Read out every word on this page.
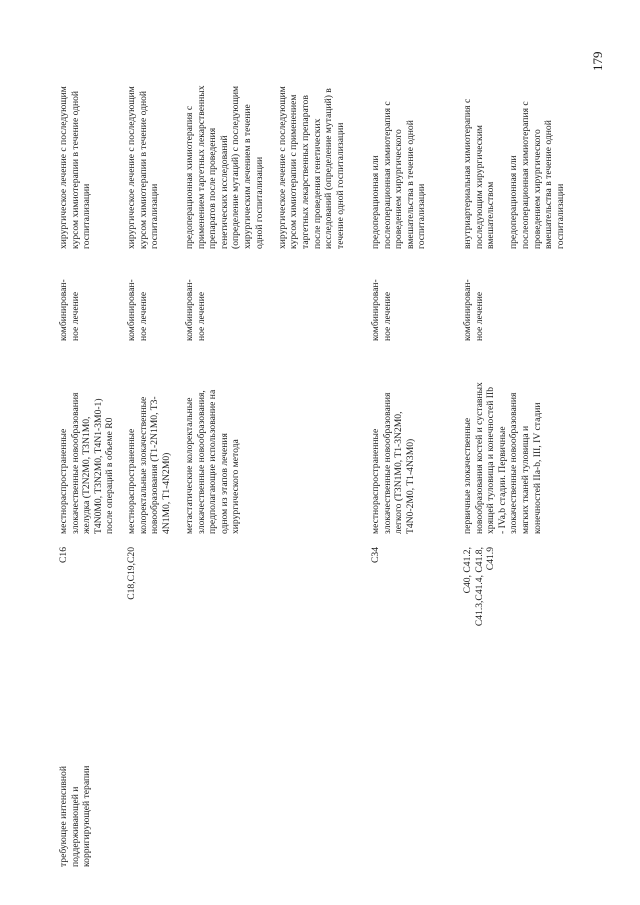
179
требующее интенсивной
поддерживающей и
корригирующей терапии
C16
местнораспространенные
злокачественные новообразования
желудка (T2N2M0, T3N1M0,
T4N0M0, T3N2M0, T4N1-3M0-1)
после операций в объеме R0
комбинирован-
ное лечение
хирургическое лечение с последующим
курсом химиотерапии в течение одной
госпитализации
C18,C19,C20
местнораспространенные
колоректальные злокачественные
новообразования (T1-2N1M0, T3-
4N1M0, T1-4N2M0)
комбинирован-
ное лечение
хирургическое лечение с последующим
курсом химиотерапии в течение одной
госпитализации
метастатические колоректальные
злокачественные новообразования,
предполагающие использование на
одном из этапов лечения
хирургического метода
комбинирован-
ное лечение
предоперационная химиотерапия с
применением таргетных лекарственных
препаратов после проведения
генетических исследований
(определение мутаций) с последующим
хирургическим лечением в течение
одной госпитализации

хирургическое лечение с последующим
курсом химиотерапии с применением
таргетных лекарственных препаратов
после проведения генетических
исследований (определение мутаций) в
течение одной госпитализации
C34
местнораспространенные
злокачественные новообразования
легкого (T3N1M0, T1-3N2M0,
T4N0-2M0, T1-4N3M0)
комбинирован-
ное лечение
предоперационная или
послеоперационная химиотерапия с
проведением хирургического
вмешательства в течение одной
госпитализации
C40, C41.2,
C41.3,C41.4, C41.8,
C41.9
первичные злокачественные
новообразования костей и суставных
хрящей туловища и конечностей IIb
- IVa,b стадии. Первичные
злокачественные новообразования
мягких тканей туловища и
конечностей IIa-b, III, IV стадии
комбинирован-
ное лечение
внутриартериальная химиотерапия с
последующим хирургическим
вмешательством

предоперационная или
послеоперационная химиотерапия с
проведением хирургического
вмешательства в течение одной
госпитализации
